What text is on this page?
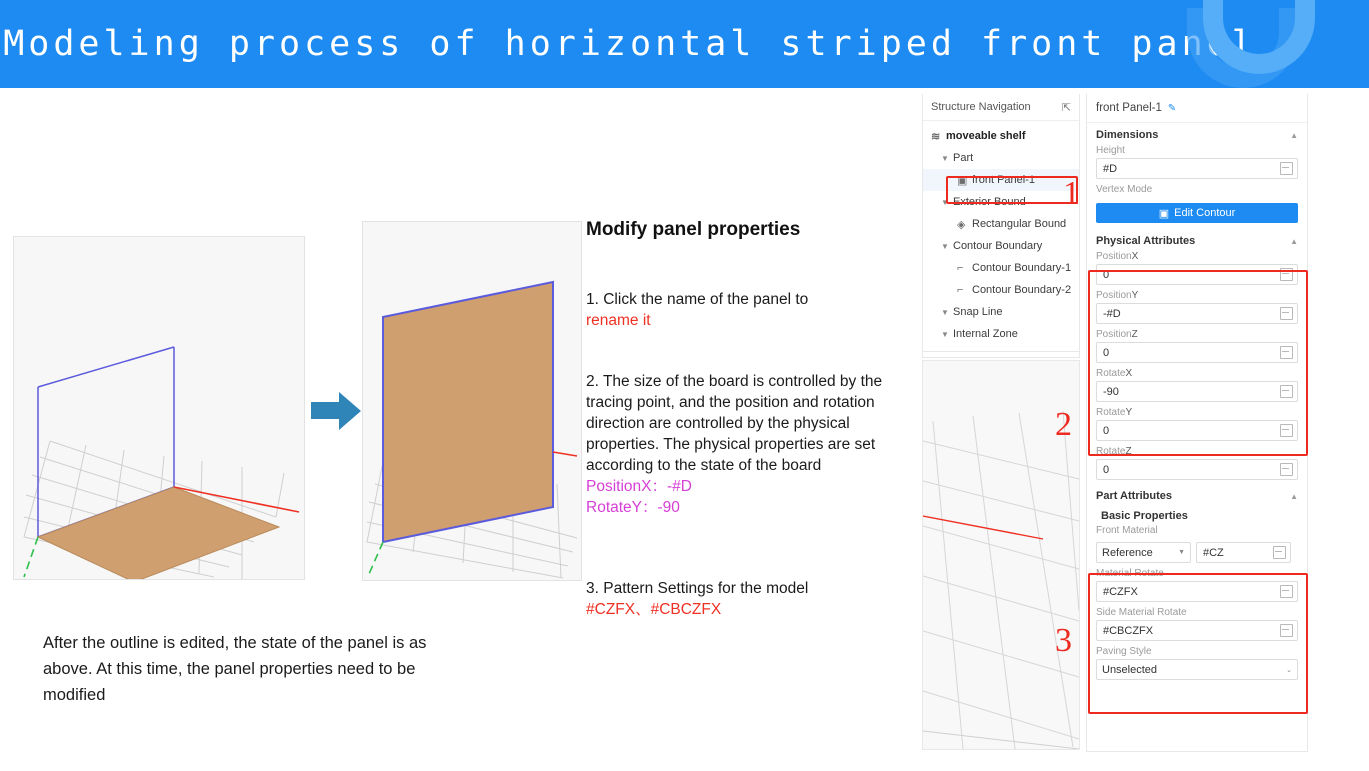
Modeling process of horizontal striped front panel
Modify panel properties
1. Click the name of the panel to
rename it
2. The size of the board is controlled by the tracing point, and the position and rotation direction are controlled by the physical properties. The physical properties are set according to the state of the board
PositionX：-#D
RotateY：-90
3. Pattern Settings for the model
#CZFX、#CBCZFX
After the outline is edited, the state of the panel is as above. At this time, the panel properties need to be modified
Structure Navigation	⇱
≋ moveable shelf
▼ Part
▣ front Panel-1
▼ Exterior Bound
◈ Rectangular Bound
▼ Contour Boundary
⌐ Contour Boundary-1
⌐ Contour Boundary-2
▼ Snap Line
▼ Internal Zone
front Panel-1 ✎
Dimensions	▲
Height
#D
Vertex Mode
▣ Edit Contour
Physical Attributes	▲
PositionX
0
PositionY
-#D
PositionZ
0
RotateX
-90
RotateY
0
RotateZ
0
Part Attributes	▲
Basic Properties
Front Material
Reference	▼ #CZ
Material Rotate
#CZFX
Side Material Rotate
#CBCZFX
Paving Style
Unselected	⌄
1
2
3
